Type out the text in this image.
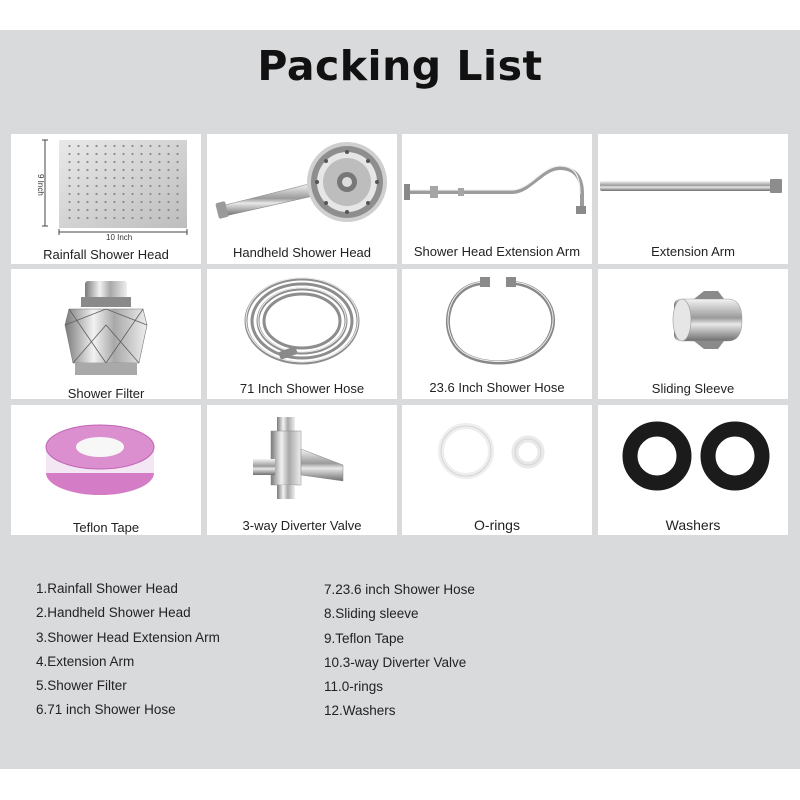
Packing List
9 Inch
10 Inch
Rainfall Shower Head	Handheld Shower Head	Shower Head Extension Arm	Extension Arm
Shower Filter	71 Inch Shower Hose	23.6 Inch Shower Hose	Sliding Sleeve
Teflon Tape	3-way Diverter Valve	O-rings	Washers
1.Rainfall Shower Head
2.Handheld Shower Head
3.Shower Head Extension Arm
4.Extension Arm
5.Shower Filter
6.71 inch Shower Hose
7.23.6 inch Shower Hose
8.Sliding sleeve
9.Teflon Tape
10.3-way Diverter Valve
11.0-rings
12.Washers
